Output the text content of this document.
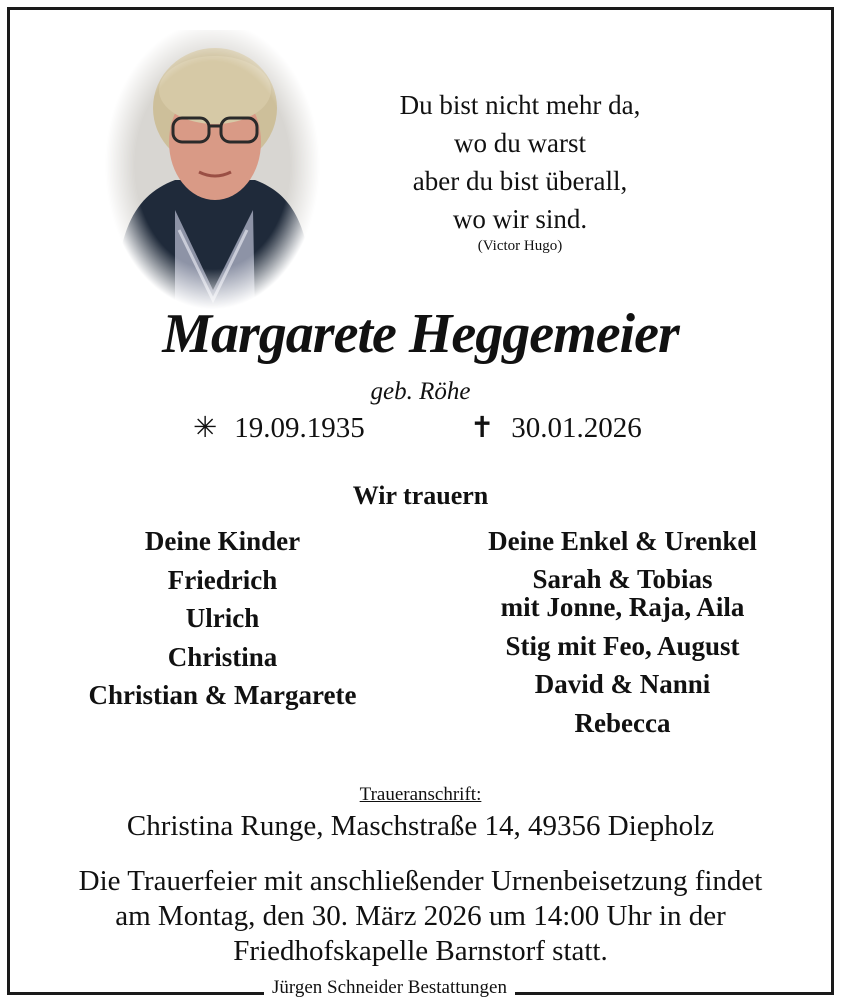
Du bist nicht mehr da,
wo du warst
aber du bist überall,
wo wir sind.
(Victor Hugo)
Margarete Heggemeier
geb. Röhe
✳ 19.09.1935	✝ 30.01.2026
Wir trauern
Deine Kinder
Friedrich
Ulrich
Christina
Christian & Margarete
Deine Enkel & Urenkel
Sarah & Tobias
mit Jonne, Raja, Aila
Stig mit Feo, August
David & Nanni
Rebecca
Traueranschrift:
Christina Runge, Maschstraße 14, 49356 Diepholz
Die Trauerfeier mit anschließender Urnenbeisetzung findet
am Montag, den 30. März 2026 um 14:00 Uhr in der
Friedhofskapelle Barnstorf statt.
Jürgen Schneider Bestattungen
